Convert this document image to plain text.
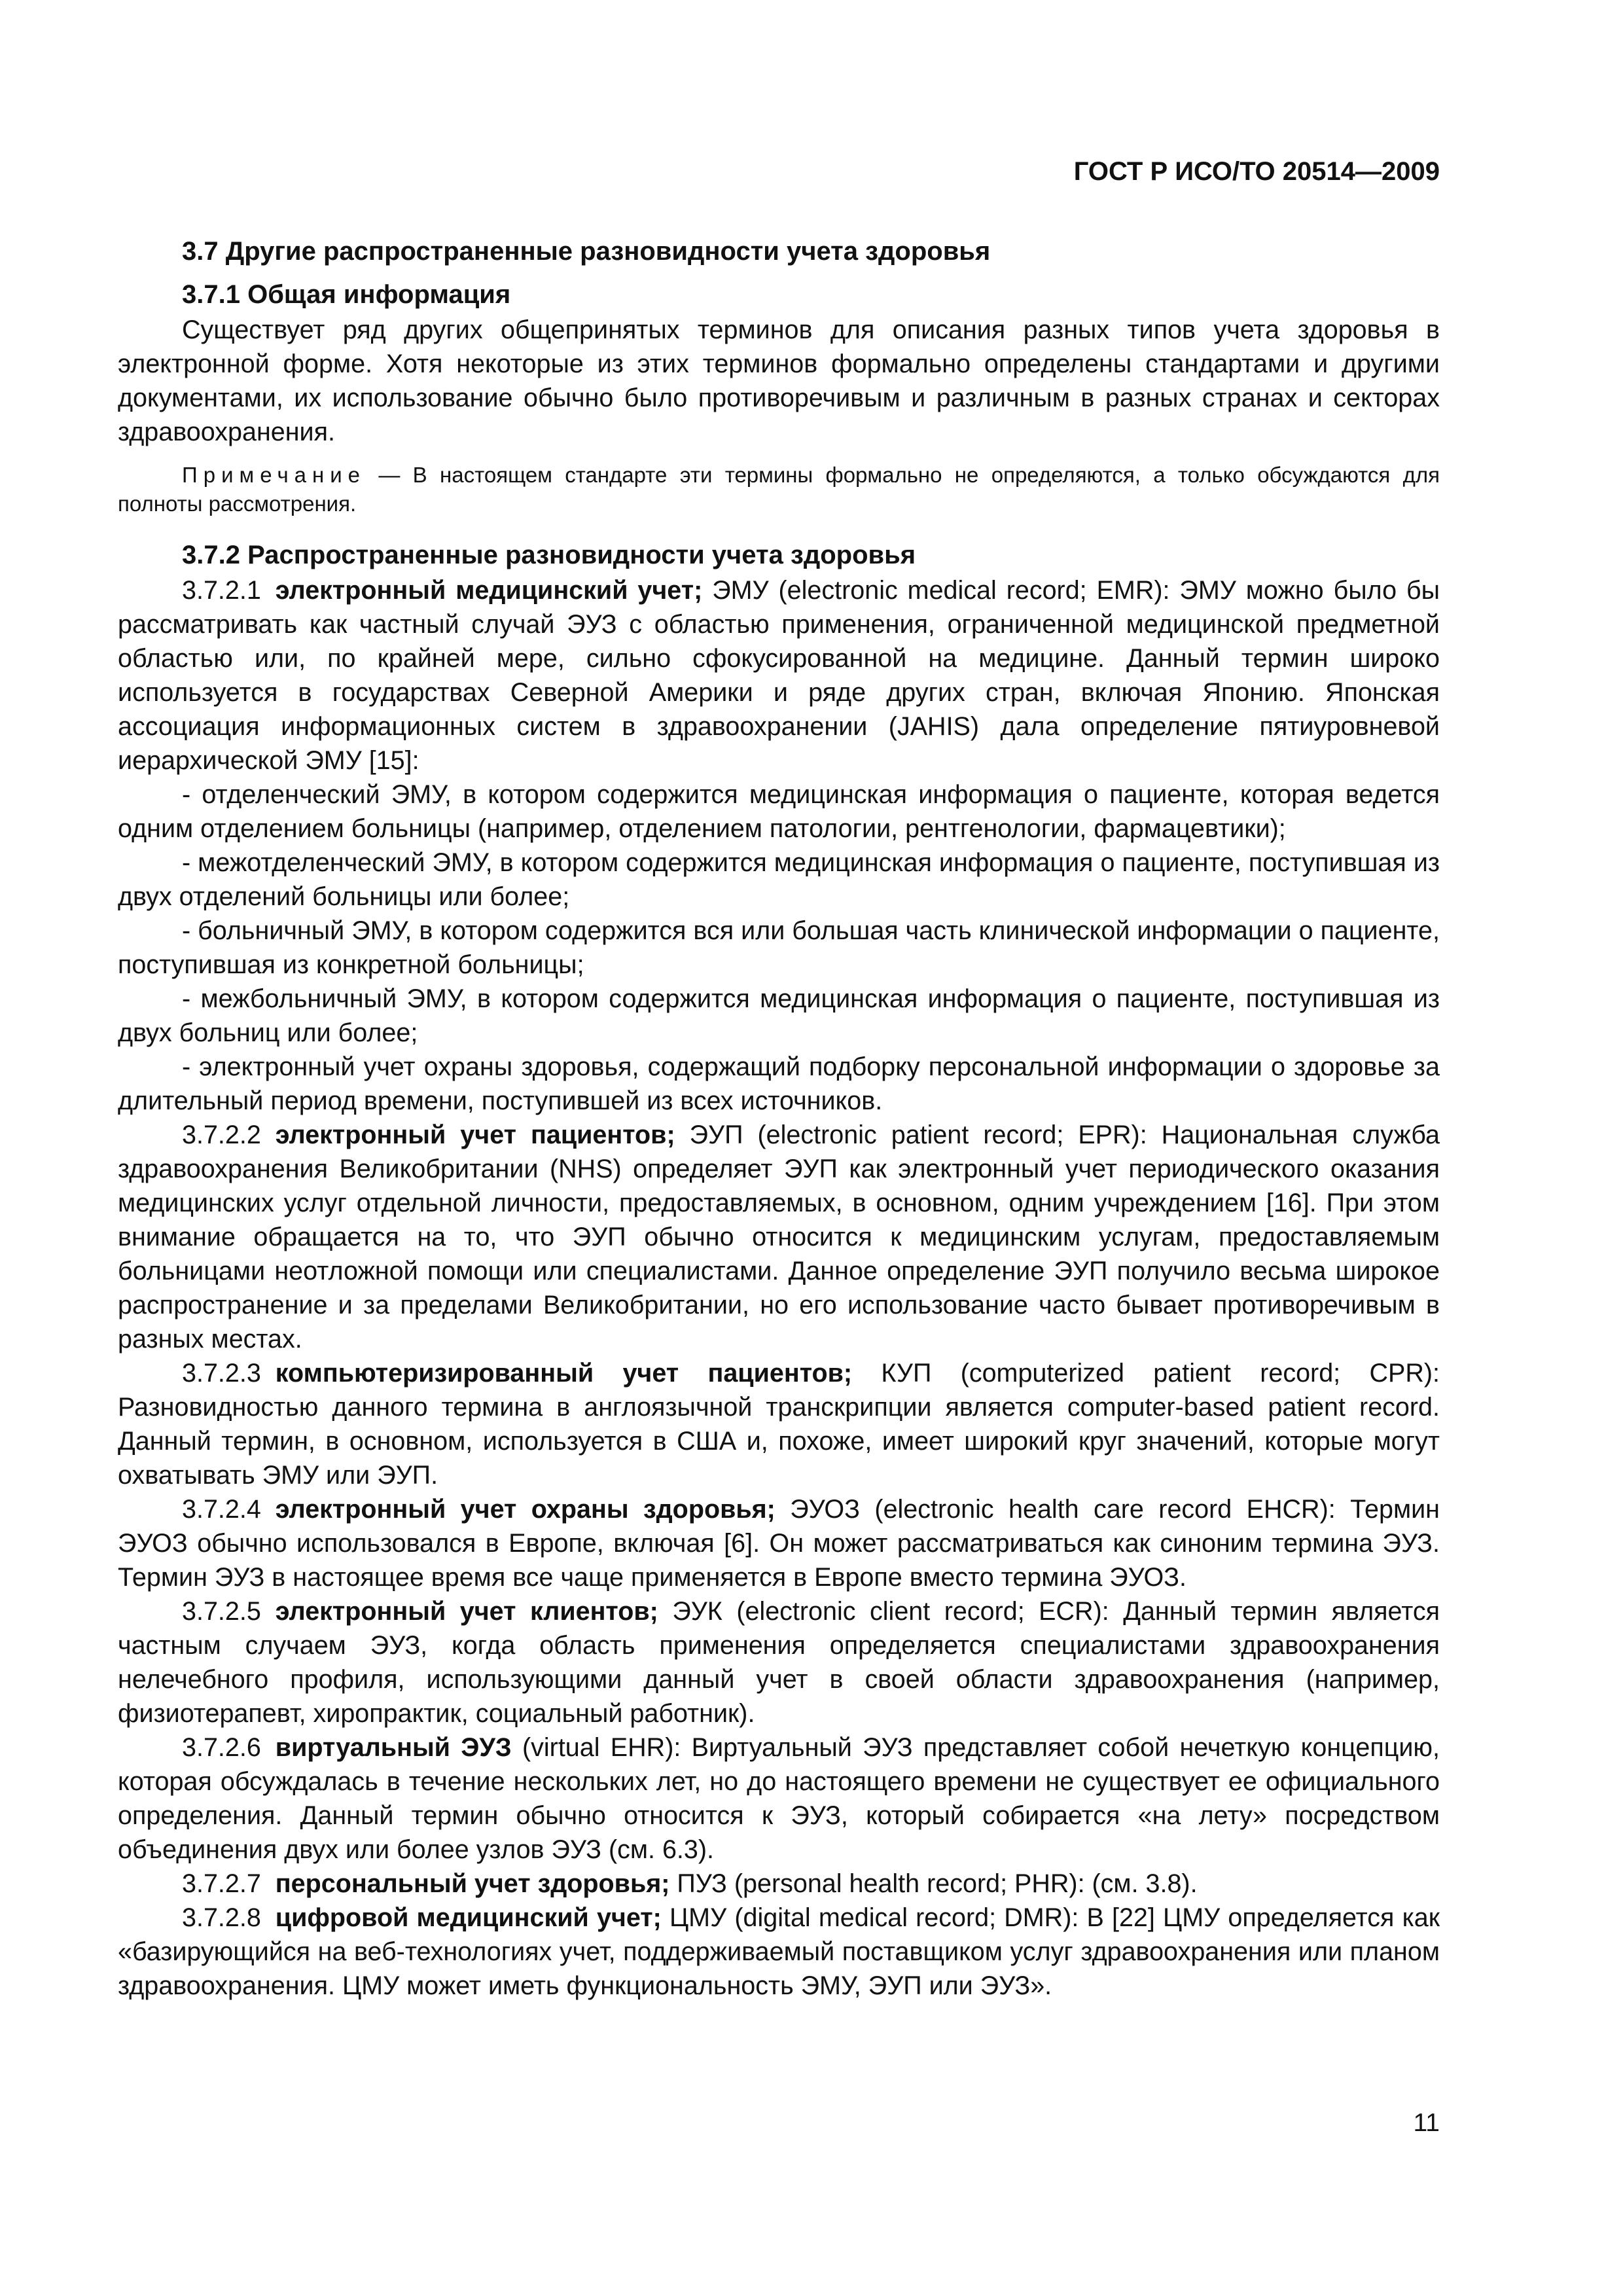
ГОСТ Р ИСО/ТО 20514—2009
3.7 Другие распространенные разновидности учета здоровья
3.7.1 Общая информация

Существует ряд других общепринятых терминов для описания разных типов учета здоровья в электронной форме. Хотя некоторые из этих терминов формально определены стандартами и другими документами, их использование обычно было противоречивым и различным в разных странах и секторах здравоохранения.

Примечание — В настоящем стандарте эти термины формально не определяются, а только обсуждаются для полноты рассмотрения.

3.7.2 Распространенные разновидности учета здоровья

3.7.2.1 электронный медицинский учет; ЭМУ (electronic medical record; EMR): ЭМУ можно было бы рассматривать как частный случай ЭУЗ с областью применения, ограниченной медицинской предметной областью или, по крайней мере, сильно сфокусированной на медицине. Данный термин широко используется в государствах Северной Америки и ряде других стран, включая Японию. Японская ассоциация информационных систем в здравоохранении (JAHIS) дала определение пятиуровневой иерархической ЭМУ [15]:

- отделенческий ЭМУ, в котором содержится медицинская информация о пациенте, которая ведется одним отделением больницы (например, отделением патологии, рентгенологии, фармацевтики);

- межотделенческий ЭМУ, в котором содержится медицинская информация о пациенте, поступившая из двух отделений больницы или более;

- больничный ЭМУ, в котором содержится вся или большая часть клинической информации о пациенте, поступившая из конкретной больницы;

- межбольничный ЭМУ, в котором содержится медицинская информация о пациенте, поступившая из двух больниц или более;

- электронный учет охраны здоровья, содержащий подборку персональной информации о здоровье за длительный период времени, поступившей из всех источников.

3.7.2.2 электронный учет пациентов; ЭУП (electronic patient record; EPR): Национальная служба здравоохранения Великобритании (NHS) определяет ЭУП как электронный учет периодического оказания медицинских услуг отдельной личности, предоставляемых, в основном, одним учреждением [16]. При этом внимание обращается на то, что ЭУП обычно относится к медицинским услугам, предоставляемым больницами неотложной помощи или специалистами. Данное определение ЭУП получило весьма широкое распространение и за пределами Великобритании, но его использование часто бывает противоречивым в разных местах.

3.7.2.3 компьютеризированный учет пациентов; КУП (computerized patient record; CPR): Разновидностью данного термина в англоязычной транскрипции является computer-based patient record. Данный термин, в основном, используется в США и, похоже, имеет широкий круг значений, которые могут охватывать ЭМУ или ЭУП.

3.7.2.4 электронный учет охраны здоровья; ЭУОЗ (electronic health care record EHCR): Термин ЭУОЗ обычно использовался в Европе, включая [6]. Он может рассматриваться как синоним термина ЭУЗ. Термин ЭУЗ в настоящее время все чаще применяется в Европе вместо термина ЭУОЗ.

3.7.2.5 электронный учет клиентов; ЭУК (electronic client record; ECR): Данный термин является частным случаем ЭУЗ, когда область применения определяется специалистами здравоохранения нелечебного профиля, использующими данный учет в своей области здравоохранения (например, физиотерапевт, хиропрактик, социальный работник).

3.7.2.6 виртуальный ЭУЗ (virtual EHR): Виртуальный ЭУЗ представляет собой нечеткую концепцию, которая обсуждалась в течение нескольких лет, но до настоящего времени не существует ее официального определения. Данный термин обычно относится к ЭУЗ, который собирается «на лету» посредством объединения двух или более узлов ЭУЗ (см. 6.3).

3.7.2.7 персональный учет здоровья; ПУЗ (personal health record; PHR): (см. 3.8).

3.7.2.8 цифровой медицинский учет; ЦМУ (digital medical record; DMR): В [22] ЦМУ определяется как «базирующийся на веб-технологиях учет, поддерживаемый поставщиком услуг здравоохранения или планом здравоохранения. ЦМУ может иметь функциональность ЭМУ, ЭУП или ЭУЗ».

11
